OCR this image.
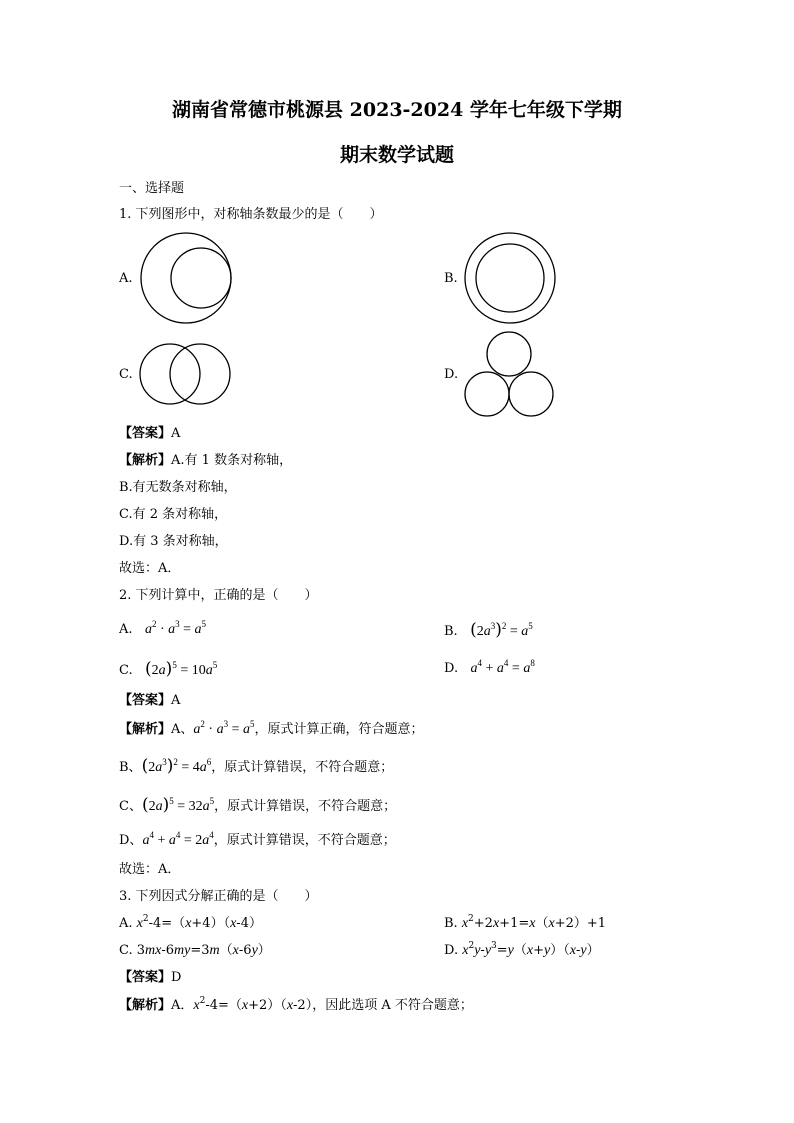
湖南省常德市桃源县 2023-2024 学年七年级下学期
期末数学试题
一、选择题
1. 下列图形中，对称轴条数最少的是（　　）
A.	B.
C.	D.
【答案】A
【解析】A.有 1 数条对称轴，
B.有无数条对称轴，
C.有 2 条对称轴，
D.有 3 条对称轴，
故选：A．
2. 下列计算中，正确的是（　　）
A. $a^2 \cdot a^3 = a^5$	B. $(2a^3)^2 = a^5$
C. $(2a)^5 = 10a^5$	D. $a^4 + a^4 = a^8$
【答案】A
【解析】A、$a^2 \cdot a^3 = a^5$，原式计算正确，符合题意；
B、$(2a^3)^2 = 4a^6$，原式计算错误，不符合题意；
C、$(2a)^5 = 32a^5$，原式计算错误，不符合题意；
D、$a^4 + a^4 = 2a^4$，原式计算错误，不符合题意；
故选：A．
3. 下列因式分解正确的是（　　）
A. $x^2-4=(x+4)(x-4)$	B. $x^2+2x+1=x(x+2)+1$
C. 3mx-6my=3m（x-6y）	D. $x^2y-y^3=y(x+y)(x-y)$
【答案】D
【解析】A．$x^2-4=(x+2)(x-2)$，因此选项 A 不符合题意；
